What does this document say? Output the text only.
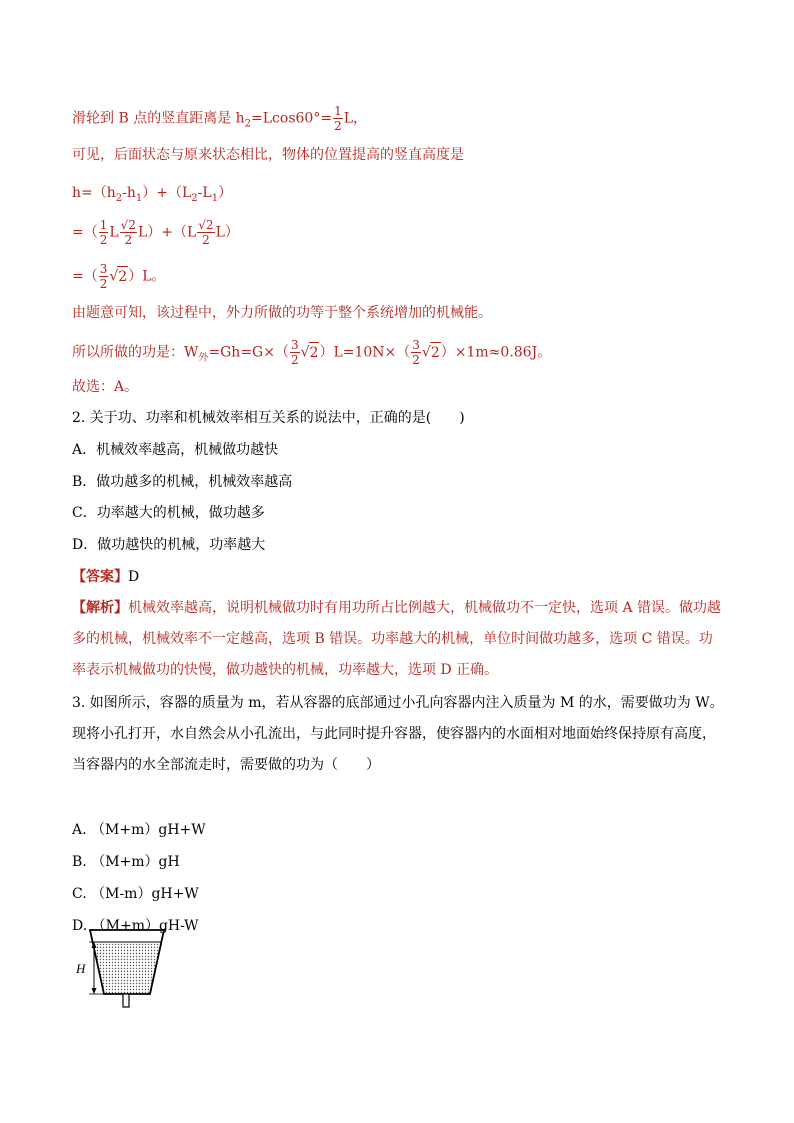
滑轮到 B 点的竖直距离是 $h_2=Lcos60^\circ= \frac{1}{2}$ L，
可见，后面状态与原来状态相比，物体的位置提高的竖直高度是
$h=(h_2-h_1)+(L_2-L_1)$
=（ $\frac{1}{2}$ L $\frac{√2}{2} L)+(L \frac{√2}{2} L)$
=（ $\frac{3}{2} √2)L$。
由题意可知，该过程中，外力所做的功等于整个系统增加的机械能。
所以所做的功是：$W_外=Gh=G\times( \frac{3}{2} √2)L=10N\times( \frac{3}{2} √2)\times 1m\approx 0.86J$。
故选：A。
2. 关于功、功率和机械效率相互关系的说法中，正确的是(　　)
A．机械效率越高，机械做功越快
B．做功越多的机械，机械效率越高
C．功率越大的机械，做功越多
D．做功越快的机械，功率越大
【答案】D
【解析】机械效率越高，说明机械做功时有用功所占比例越大，机械做功不一定快，选项 A 错误。做功越多的机械，机械效率不一定越高，选项 B 错误。功率越大的机械，单位时间做功越多，选项 C 错误。功率表示机械做功的快慢，做功越快的机械，功率越大，选项 D 正确。
3. 如图所示，容器的质量为 m，若从容器的底部通过小孔向容器内注入质量为 M 的水，需要做功为 W。现将小孔打开，水自然会从小孔流出，与此同时提升容器，使容器内的水面相对地面始终保持原有高度，当容器内的水全部流走时，需要做的功为（　　）
A. （M+m）gH+W
B. （M+m）gH
C. （M-m）gH+W
D. （M+m）gH-W
H
